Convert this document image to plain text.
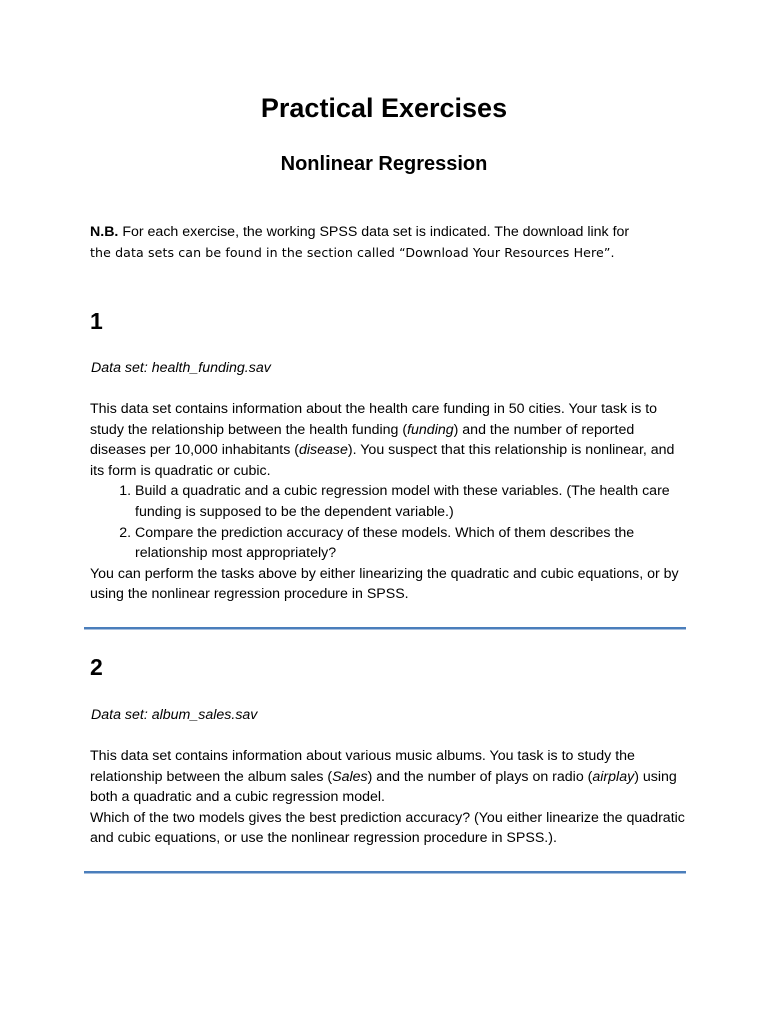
Practical Exercises
Nonlinear Regression
N.B. For each exercise, the working SPSS data set is indicated. The download link for
the data sets can be found in the section called “Download Your Resources Here”.
1
Data set: health_funding.sav

This data set contains information about the health care funding in 50 cities. Your task is to study the relationship between the health funding (funding) and the number of reported diseases per 10,000 inhabitants (disease). You suspect that this relationship is nonlinear, and its form is quadratic or cubic.

1. Build a quadratic and a cubic regression model with these variables. (The health care funding is supposed to be the dependent variable.)
2. Compare the prediction accuracy of these models. Which of them describes the relationship most appropriately?

You can perform the tasks above by either linearizing the quadratic and cubic equations, or by using the nonlinear regression procedure in SPSS.

2
Data set: album_sales.sav

This data set contains information about various music albums. You task is to study the relationship between the album sales (Sales) and the number of plays on radio (airplay) using both a quadratic and a cubic regression model.

Which of the two models gives the best prediction accuracy? (You either linearize the quadratic and cubic equations, or use the nonlinear regression procedure in SPSS.).
